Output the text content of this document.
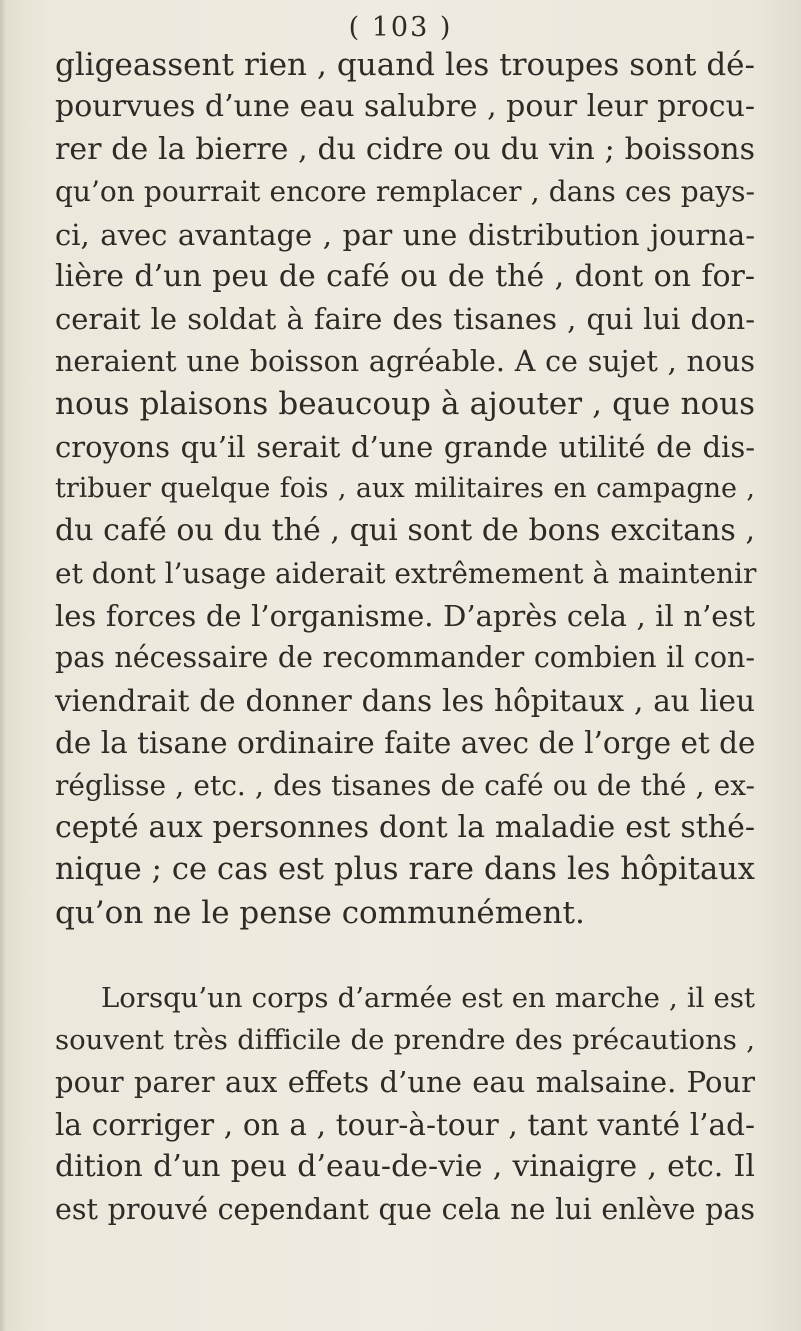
( 103 )
gligeassent rien , quand les troupes sont dé-
pourvues d’une eau salubre , pour leur procu-
rer de la bierre , du cidre ou du vin ; boissons
qu’on pourrait encore remplacer , dans ces pays-
ci, avec avantage , par une distribution journa-
lière d’un peu de café ou de thé , dont on for-
cerait le soldat à faire des tisanes , qui lui don-
neraient une boisson agréable. A ce sujet , nous
nous plaisons beaucoup à ajouter , que nous
croyons qu’il serait d’une grande utilité de dis-
tribuer quelque fois , aux militaires en campagne ,
du café ou du thé , qui sont de bons excitans ,
et dont l’usage aiderait extrêmement à maintenir
les forces de l’organisme. D’après cela , il n’est
pas nécessaire de recommander combien il con-
viendrait de donner dans les hôpitaux , au lieu
de la tisane ordinaire faite avec de l’orge et de
réglisse , etc. , des tisanes de café ou de thé , ex-
cepté aux personnes dont la maladie est sthé-
nique ; ce cas est plus rare dans les hôpitaux
qu’on ne le pense communément.
Lorsqu’un corps d’armée est en marche , il est
souvent très difficile de prendre des précautions ,
pour parer aux effets d’une eau malsaine. Pour
la corriger , on a , tour-à-tour , tant vanté l’ad-
dition d’un peu d’eau-de-vie , vinaigre , etc. Il
est prouvé cependant que cela ne lui enlève pas
